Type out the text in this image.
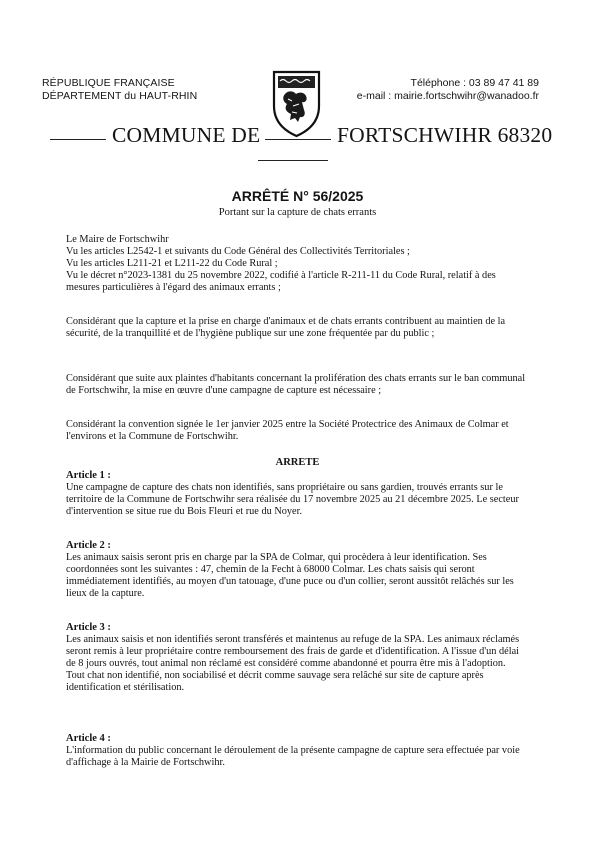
RÉPUBLIQUE FRANÇAISE
DÉPARTEMENT du HAUT-RHIN
Téléphone : 03 89 47 41 89
e-mail : mairie.fortschwihr@wanadoo.fr
COMMUNE DE	FORTSCHWIHR 68320
ARRÊTÉ N° 56/2025
Portant sur la capture de chats errants

Le Maire de Fortschwihr

Vu les articles L2542-1 et suivants du Code Général des Collectivités Territoriales ;

Vu les articles L211-21 et L211-22 du Code Rural ;

Vu le décret n°2023-1381 du 25 novembre 2022, codifié à l'article R-211-11 du Code Rural, relatif à des mesures particulières à l'égard des animaux errants ;

Considérant que la capture et la prise en charge d'animaux et de chats errants contribuent au maintien de la sécurité, de la tranquillité et de l'hygiène publique sur une zone fréquentée par du public ;
Considérant que suite aux plaintes d'habitants concernant la prolifération des chats errants sur le ban communal de Fortschwihr, la mise en œuvre d'une campagne de capture est nécessaire ;
Considérant la convention signée le 1er janvier 2025 entre la Société Protectrice des Animaux de Colmar et l'environs et la Commune de Fortschwihr.
ARRETE
Article 1 :

Une campagne de capture des chats non identifiés, sans propriétaire ou sans gardien, trouvés errants sur le territoire de la Commune de Fortschwihr sera réalisée du 17 novembre 2025 au 21 décembre 2025. Le secteur d'intervention se situe rue du Bois Fleuri et rue du Noyer.

Article 2 :

Les animaux saisis seront pris en charge par la SPA de Colmar, qui procèdera à leur identification. Ses coordonnées sont les suivantes : 47, chemin de la Fecht à 68000 Colmar. Les chats saisis qui seront immédiatement identifiés, au moyen d'un tatouage, d'une puce ou d'un collier, seront aussitôt relâchés sur les lieux de la capture.

Article 3 :

Les animaux saisis et non identifiés seront transférés et maintenus au refuge de la SPA. Les animaux réclamés seront remis à leur propriétaire contre remboursement des frais de garde et d'identification. A l'issue d'un délai de 8 jours ouvrés, tout animal non réclamé est considéré comme abandonné et pourra être mis à l'adoption.

Tout chat non identifié, non sociabilisé et décrit comme sauvage sera relâché sur site de capture après identification et stérilisation.

Article 4 :

L'information du public concernant le déroulement de la présente campagne de capture sera effectuée par voie d'affichage à la Mairie de Fortschwihr.
